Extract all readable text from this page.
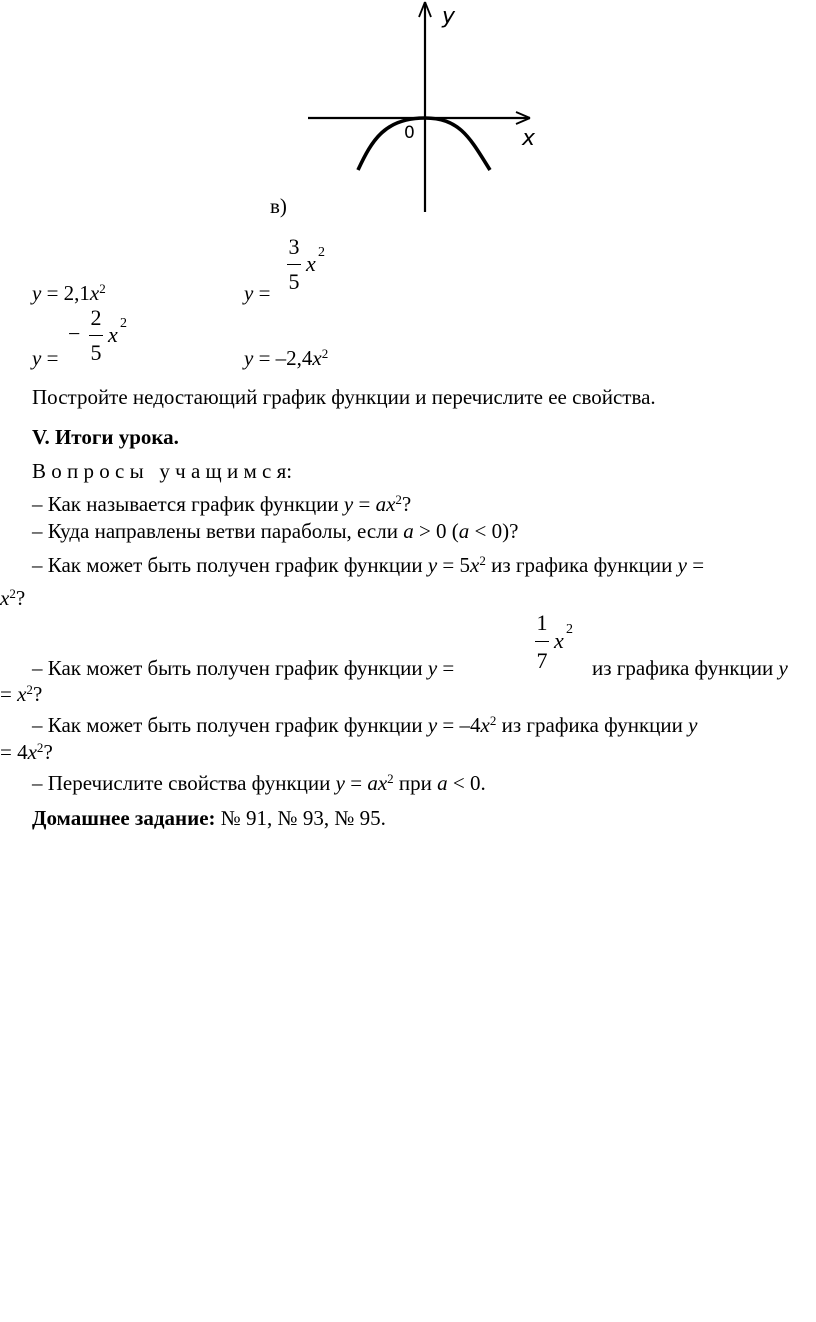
y
x
0
в)
$y = 2,1x^2$	y =
3
5
x 2
y =
−
2
5
x 2
$y = -2,4x^2$
Постройте недостающий график функции и перечислите ее свойства.
V. Итоги урока.
В о п р о с ы   у ч а щ и м с я:
– Как называется график функции $y = ax^2$?
– Куда направлены ветви параболы, если a > 0 (a < 0)?
– Как может быть получен график функции $y = 5x^2$ из графика функции y =
$x^2$?
– Как может быть получен график функции y =
1
7
x 2
из графика функции y
= $x^2$?
– Как может быть получен график функции $y = -4x^2$ из графика функции y
= $4x^2$?
– Перечислите свойства функции $y = ax^2$ при a < 0.
Домашнее задание: № 91, № 93, № 95.
